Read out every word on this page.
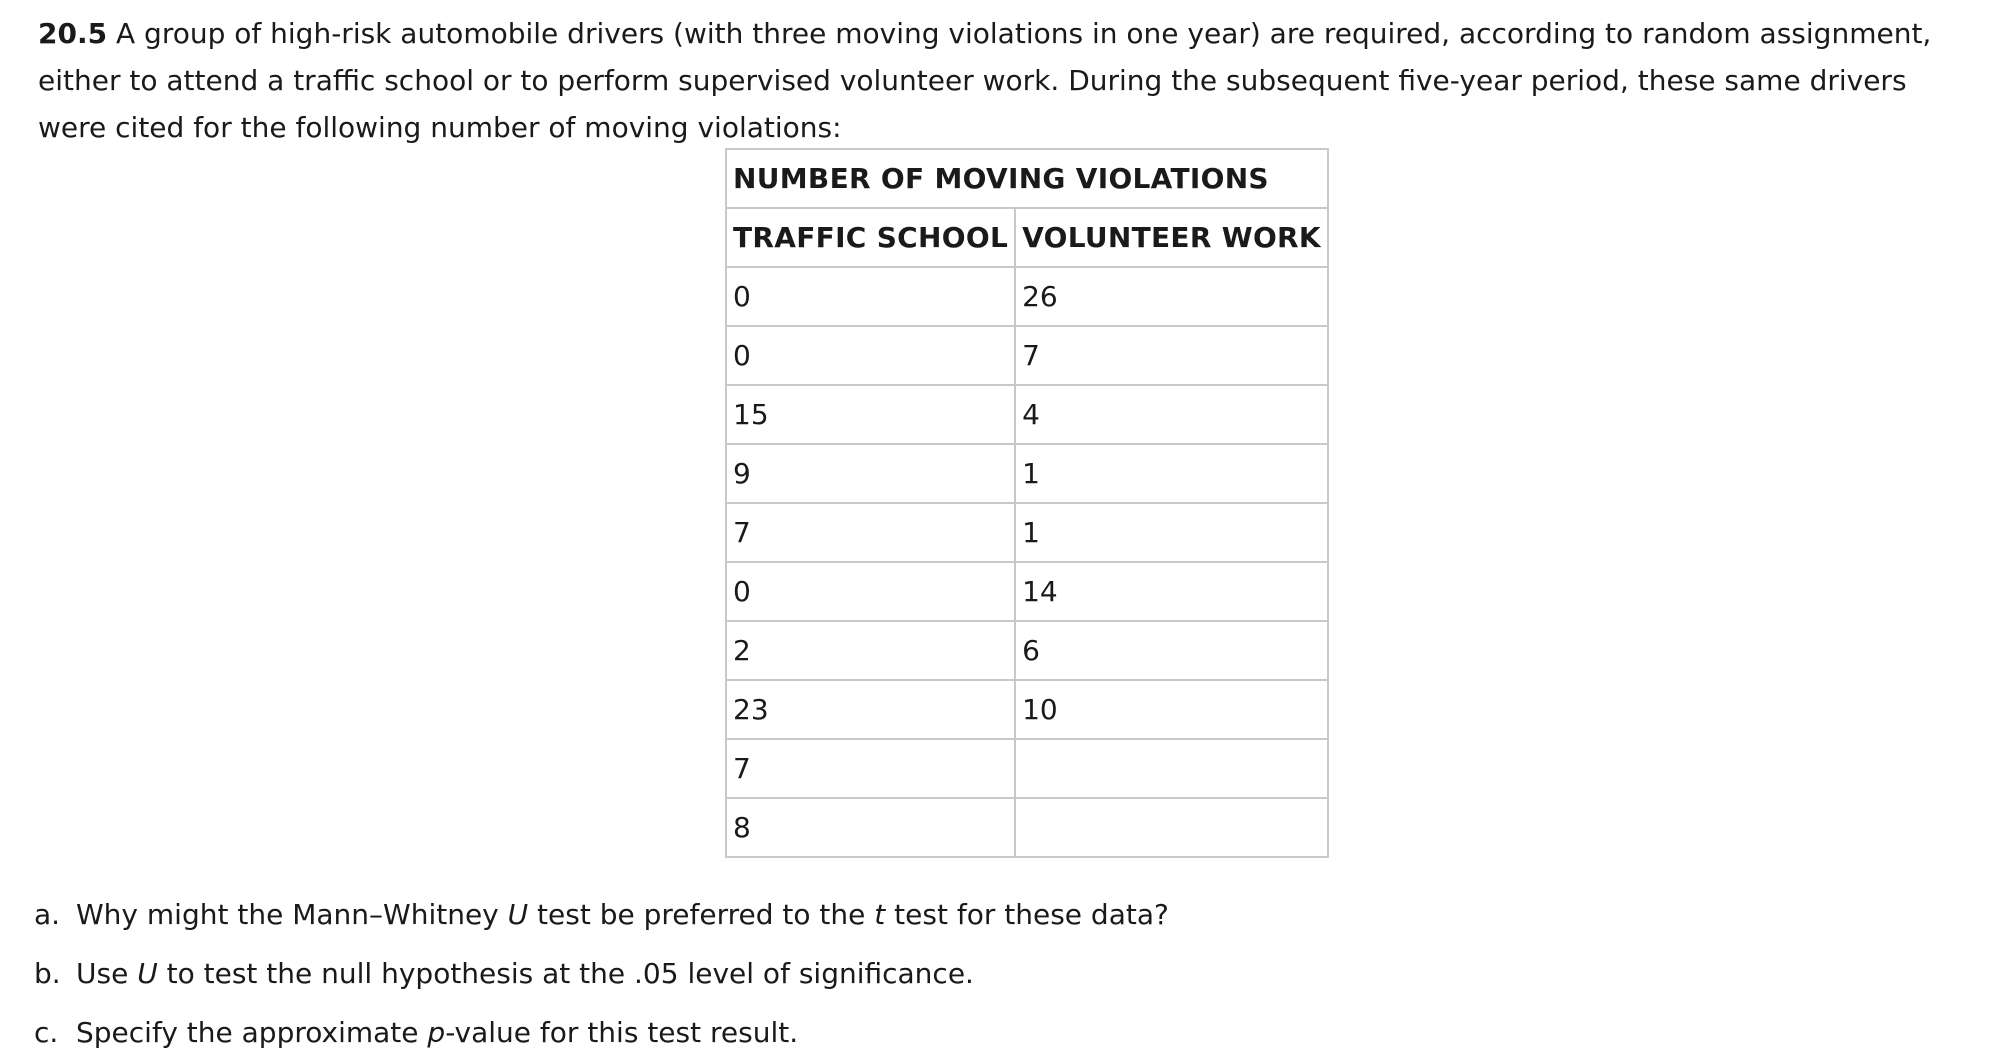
20.5 A group of high-risk automobile drivers (with three moving violations in one year) are required, according to random assignment, either to attend a traffic school or to perform supervised volunteer work. During the subsequent five-year period, these same drivers were cited for the following number of moving violations:

NUMBER OF MOVING VIOLATIONS	
TRAFFIC SCHOOL	VOLUNTEER WORK
0	26
0	7
15	4
9	1
7	1
0	14
2	6
23	10
7	
8	
a. Why might the Mann–Whitney U test be preferred to the t test for these data?
b. Use U to test the null hypothesis at the .05 level of significance.
c. Specify the approximate p-value for this test result.
